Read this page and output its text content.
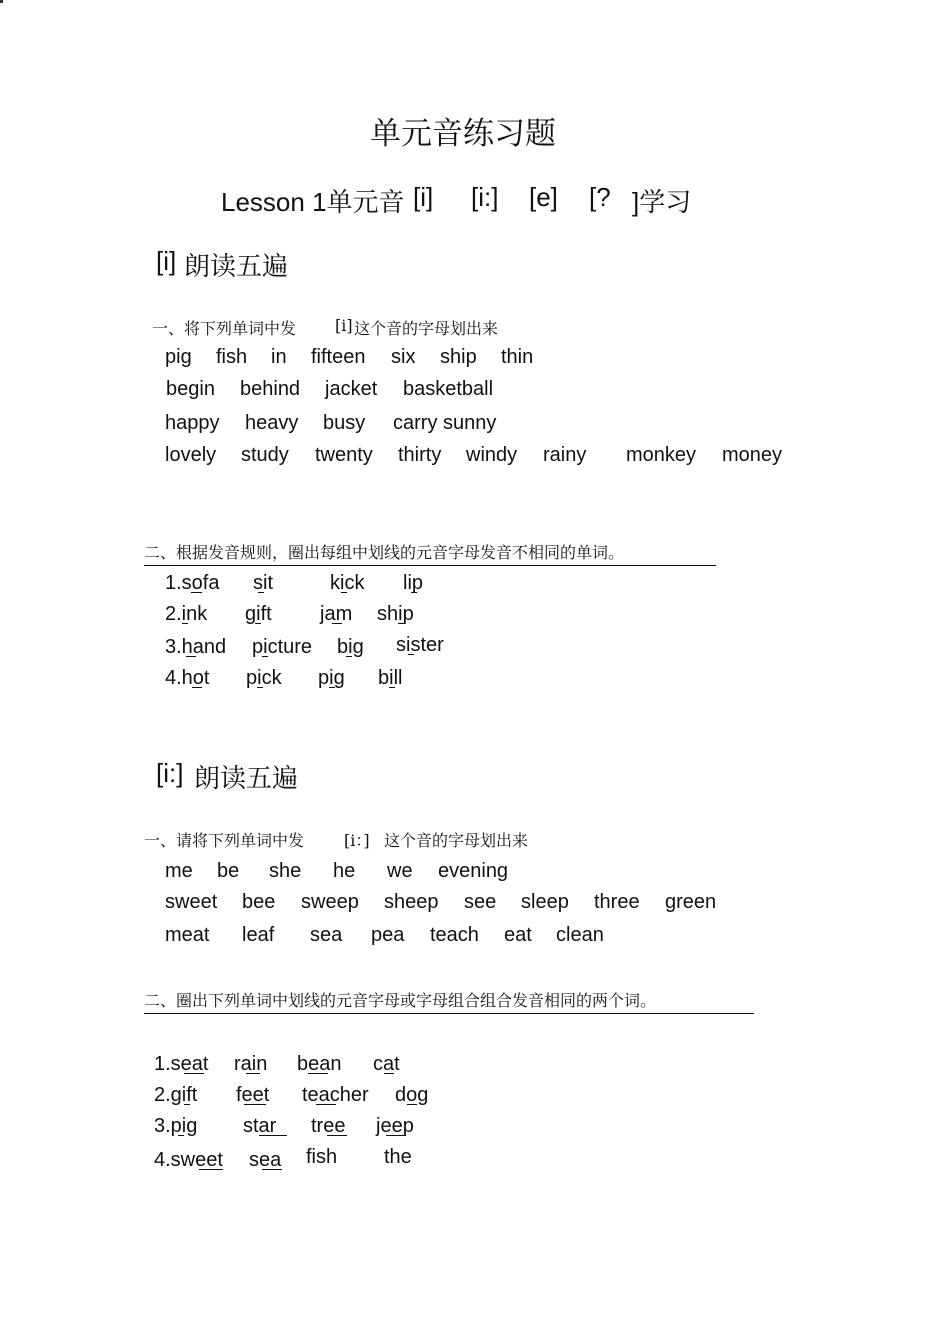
单元音练习题
Lesson 1单元音 [i] [i:] [e] [? ]学习
[i] 朗读五遍
一、将下列单词中发 [i] 这个音的字母划出来
pig fish in fifteen six ship thin
begin behind jacket basketball
happy heavy busy carry sunny
lovely study twenty thirty windy rainy monkey money
二、根据发音规则，圈出每组中划线的元音字母发音不相同的单词。
1.sofa sit	kick lip
2.ink gift jam ship
3.hand picture big sister
4.hot pick pig bill
[i:] 朗读五遍
一、请将下列单词中发 [i：] 这个音的字母划出来
me be she he we evening
sweet bee sweep sheep see sleep three green
meat leaf sea pea teach eat clean
二、圈出下列单词中划线的元音字母或字母组合组合发音相同的两个词。
1.seat rain bean cat
2.gift feet teacher dog
3.pig star tree jeep
4.sweet sea fish the
